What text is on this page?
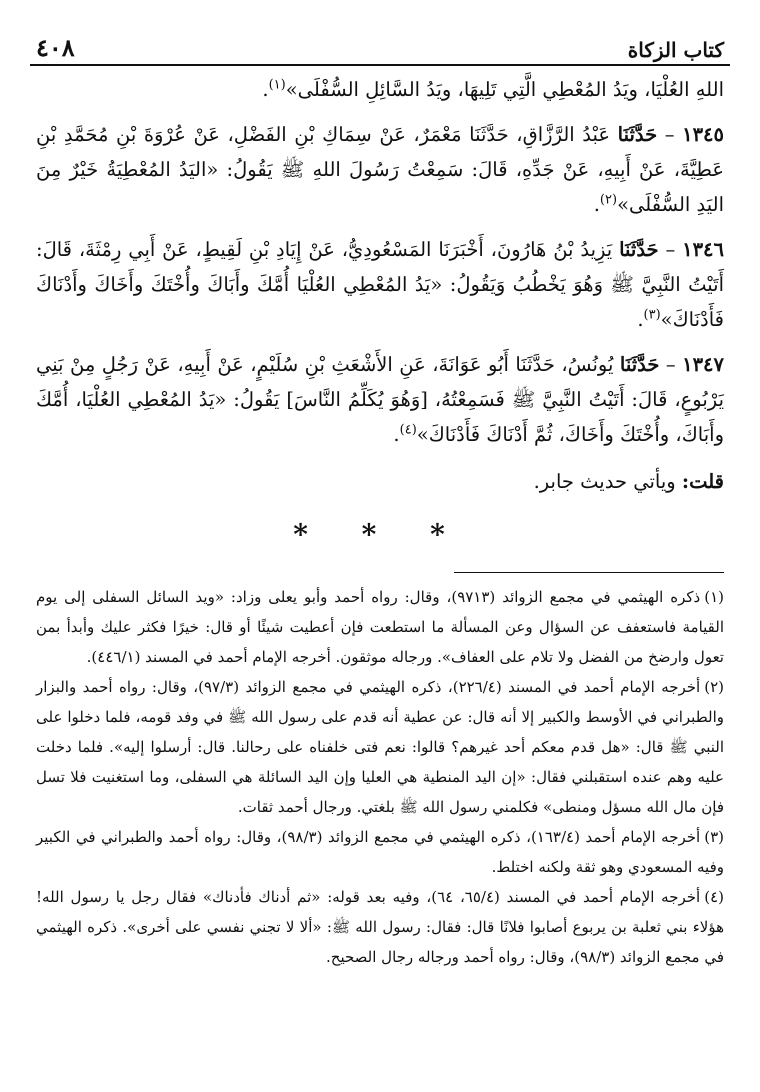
كتاب الزكاة
٤٠٨

اللهِ العُلْيَا، ويَدُ المُعْطِي الَّتِي تَلِيهَا، ويَدُ السَّائِلِ السُّفْلَى»$^{(١)}$.

١٣٤٥ – حَدَّثَنَا عَبْدُ الرَّزَّاقِ، حَدَّثَنَا مَعْمَرٌ، عَنْ سِمَاكِ بْنِ الفَضْلِ، عَنْ عُرْوَةَ بْنِ مُحَمَّدِ بْنِ عَطِيَّةَ، عَنْ أَبِيهِ، عَنْ جَدِّهِ، قَالَ: سَمِعْتُ رَسُولَ اللهِ ﷺ يَقُولُ: «اليَدُ المُعْطِيَةُ خَيْرٌ مِنَ اليَدِ السُّفْلَى»$^{(٢)}$.

١٣٤٦ – حَدَّثَنَا يَزِيدُ بْنُ هَارُونَ، أَخْبَرَنَا المَسْعُودِيُّ، عَنْ إِيَادِ بْنِ لَقِيطٍ، عَنْ أَبِي رِمْثَةَ، قَالَ: أَتَيْتُ النَّبِيَّ ﷺ وَهُوَ يَخْطُبُ وَيَقُولُ: «يَدُ المُعْطِي العُلْيَا أُمَّكَ وأَبَاكَ وأُخْتَكَ وأَخَاكَ وأَدْنَاكَ فَأَدْنَاكَ»$^{(٣)}$.

١٣٤٧ – حَدَّثَنَا يُونُسُ، حَدَّثَنَا أَبُو عَوَانَةَ، عَنِ الأَشْعَثِ بْنِ سُلَيْمٍ، عَنْ أَبِيهِ، عَنْ رَجُلٍ مِنْ بَنِي يَرْبُوعٍ، قَالَ: أَتَيْتُ النَّبِيَّ ﷺ فَسَمِعْتُهُ، [وَهُوَ يُكَلِّمُ النَّاسَ] يَقُولُ: «يَدُ المُعْطِي العُلْيَا، أُمَّكَ وأَبَاكَ، وأُخْتَكَ وأَخَاكَ، ثُمَّ أَدْنَاكَ فَأَدْنَاكَ»$^{(٤)}$.

قلت: ويأتي حديث جابر.

* * *

(١)ذكره الهيثمي في مجمع الزوائد (٩٧١٣)، وقال: رواه أحمد وأبو يعلى وزاد: «ويد السائل السفلى إلى يوم القيامة فاستعفف عن السؤال وعن المسألة ما استطعت فإن أعطيت شيئًا أو قال: خيرًا فكثر عليك وأبدأ بمن تعول وارضخ من الفضل ولا تلام على العفاف». ورجاله موثقون. أخرجه الإمام أحمد في المسند (٤٤٦/١).

(٢)أخرجه الإمام أحمد في المسند (٢٢٦/٤)، ذكره الهيثمي في مجمع الزوائد (٩٧/٣)، وقال: رواه أحمد والبزار والطبراني في الأوسط والكبير إلا أنه قال: عن عطية أنه قدم على رسول الله ﷺ في وفد قومه، فلما دخلوا على النبي ﷺ قال: «هل قدم معكم أحد غيرهم؟ قالوا: نعم فتى خلفناه على رحالنا. قال: أرسلوا إليه». فلما دخلت عليه وهم عنده استقبلني فقال: «إن اليد المنطية هي العليا وإن اليد السائلة هي السفلى، وما استغنيت فلا تسل فإن مال الله مسؤل ومنطى» فكلمني رسول الله ﷺ بلغتي. ورجال أحمد ثقات.

(٣)أخرجه الإمام أحمد (١٦٣/٤)، ذكره الهيثمي في مجمع الزوائد (٩٨/٣)، وقال: رواه أحمد والطبراني في الكبير وفيه المسعودي وهو ثقة ولكنه اختلط.

(٤)أخرجه الإمام أحمد في المسند (٦٥/٤، ٦٤)، وفيه بعد قوله: «ثم أدناك فأدناك» فقال رجل يا رسول الله! هؤلاء بني ثعلبة بن يربوع أصابوا فلانًا قال: فقال: رسول الله ﷺ: «ألا لا تجني نفسي على أخرى». ذكره الهيثمي في مجمع الزوائد (٩٨/٣)، وقال: رواه أحمد ورجاله رجال الصحيح.
